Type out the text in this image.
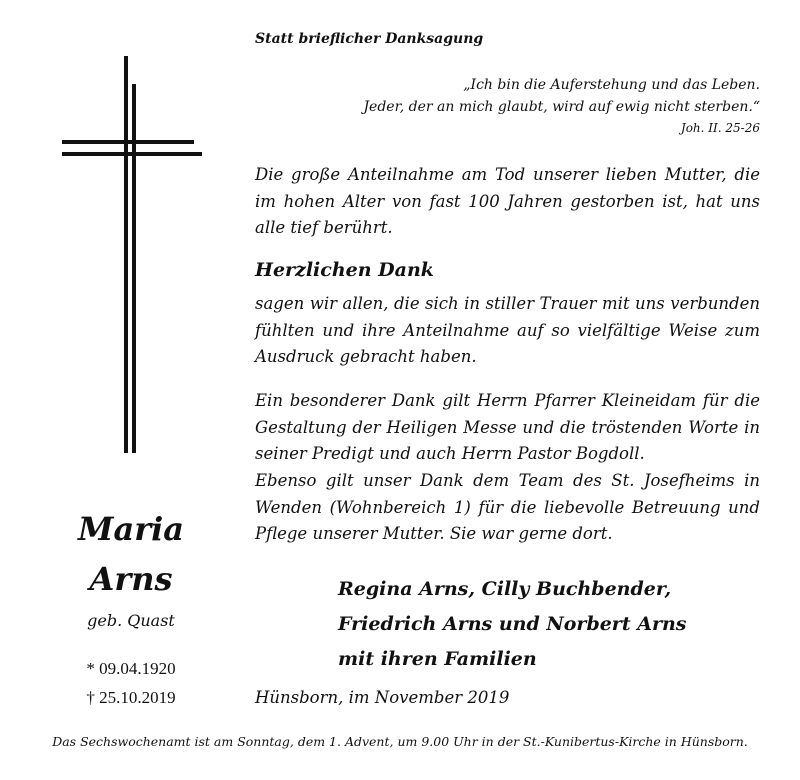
Statt brieflicher Danksagung
„Ich bin die Auferstehung und das Leben.
Jeder, der an mich glaubt, wird auf ewig nicht sterben.“
Joh. II. 25-26
Die große Anteilnahme am Tod unserer lieben Mutter, die im hohen Alter von fast 100 Jahren gestorben ist, hat uns alle tief berührt.
Herzlichen Dank
sagen wir allen, die sich in stiller Trauer mit uns verbunden fühlten und ihre Anteilnahme auf so vielfältige Weise zum Ausdruck gebracht haben.
Ein besonderer Dank gilt Herrn Pfarrer Kleineidam für die Gestaltung der Heiligen Messe und die tröstenden Worte in seiner Predigt und auch Herrn Pastor Bogdoll.
Ebenso gilt unser Dank dem Team des St. Josefheims in Wenden (Wohnbereich 1) für die liebevolle Betreuung und Pflege unserer Mutter. Sie war gerne dort.
Maria
Arns
geb. Quast
* 09.04.1920
† 25.10.2019
Regina Arns, Cilly Buchbender,
Friedrich Arns und Norbert Arns
mit ihren Familien
Hünsborn, im November 2019
Das Sechswochenamt ist am Sonntag, dem 1. Advent, um 9.00 Uhr in der St.-Kunibertus-Kirche in Hünsborn.
